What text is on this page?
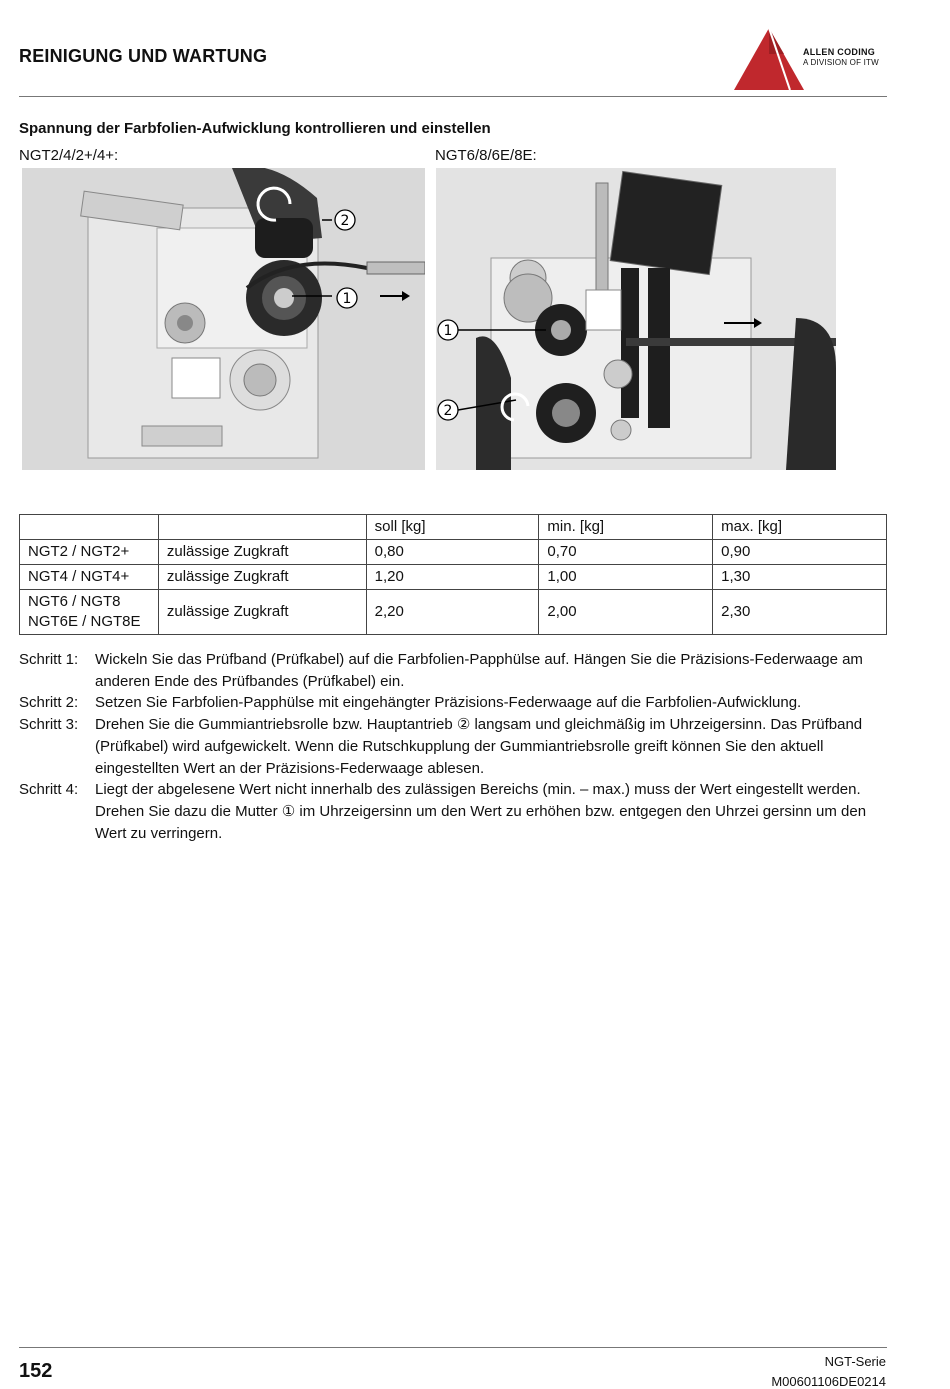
REINIGUNG UND WARTUNG	ALLEN CODING
A DIVISION OF ITW
Spannung der Farbfolien-Aufwicklung kontrollieren und einstellen
NGT2/4/2+/4+:	NGT6/8/6E/8E:
2
1
1
2
		soll [kg]	min. [kg]	max. [kg]
NGT2 / NGT2+	zulässige Zugkraft	0,80	0,70	0,90
NGT4 / NGT4+	zulässige Zugkraft	1,20	1,00	1,30

NGT6 / NGT8
NGT6E / NGT8E	zulässige Zugkraft	2,20	2,00	2,30
Schritt 1:	Wickeln Sie das Prüfband (Prüfkabel) auf die Farbfolien-Papphülse auf. Hängen Sie die Präzisions-Federwaage am anderen Ende des Prüfbandes (Prüfkabel) ein.
Schritt 2:	Setzen Sie Farbfolien-Papphülse mit eingehängter Präzisions-Federwaage auf die Farbfolien-Aufwicklung.
Schritt 3:	Drehen Sie die Gummiantriebsrolle bzw. Hauptantrieb ② langsam und gleichmäßig im Uhrzeigersinn. Das Prüfband (Prüfkabel) wird aufgewickelt. Wenn die Rutschkupplung der Gummiantriebsrolle greift können Sie den aktuell eingestellten Wert an der Präzisions-Federwaage ablesen.
Schritt 4:	Liegt der abgelesene Wert nicht innerhalb des zulässigen Bereichs (min. – max.) muss der Wert eingestellt werden. Drehen Sie dazu die Mutter ① im Uhrzeigersinn um den Wert zu erhöhen bzw. entgegen den Uhrzei gersinn um den Wert zu verringern.
152	NGT-Serie
M00601106DE0214
